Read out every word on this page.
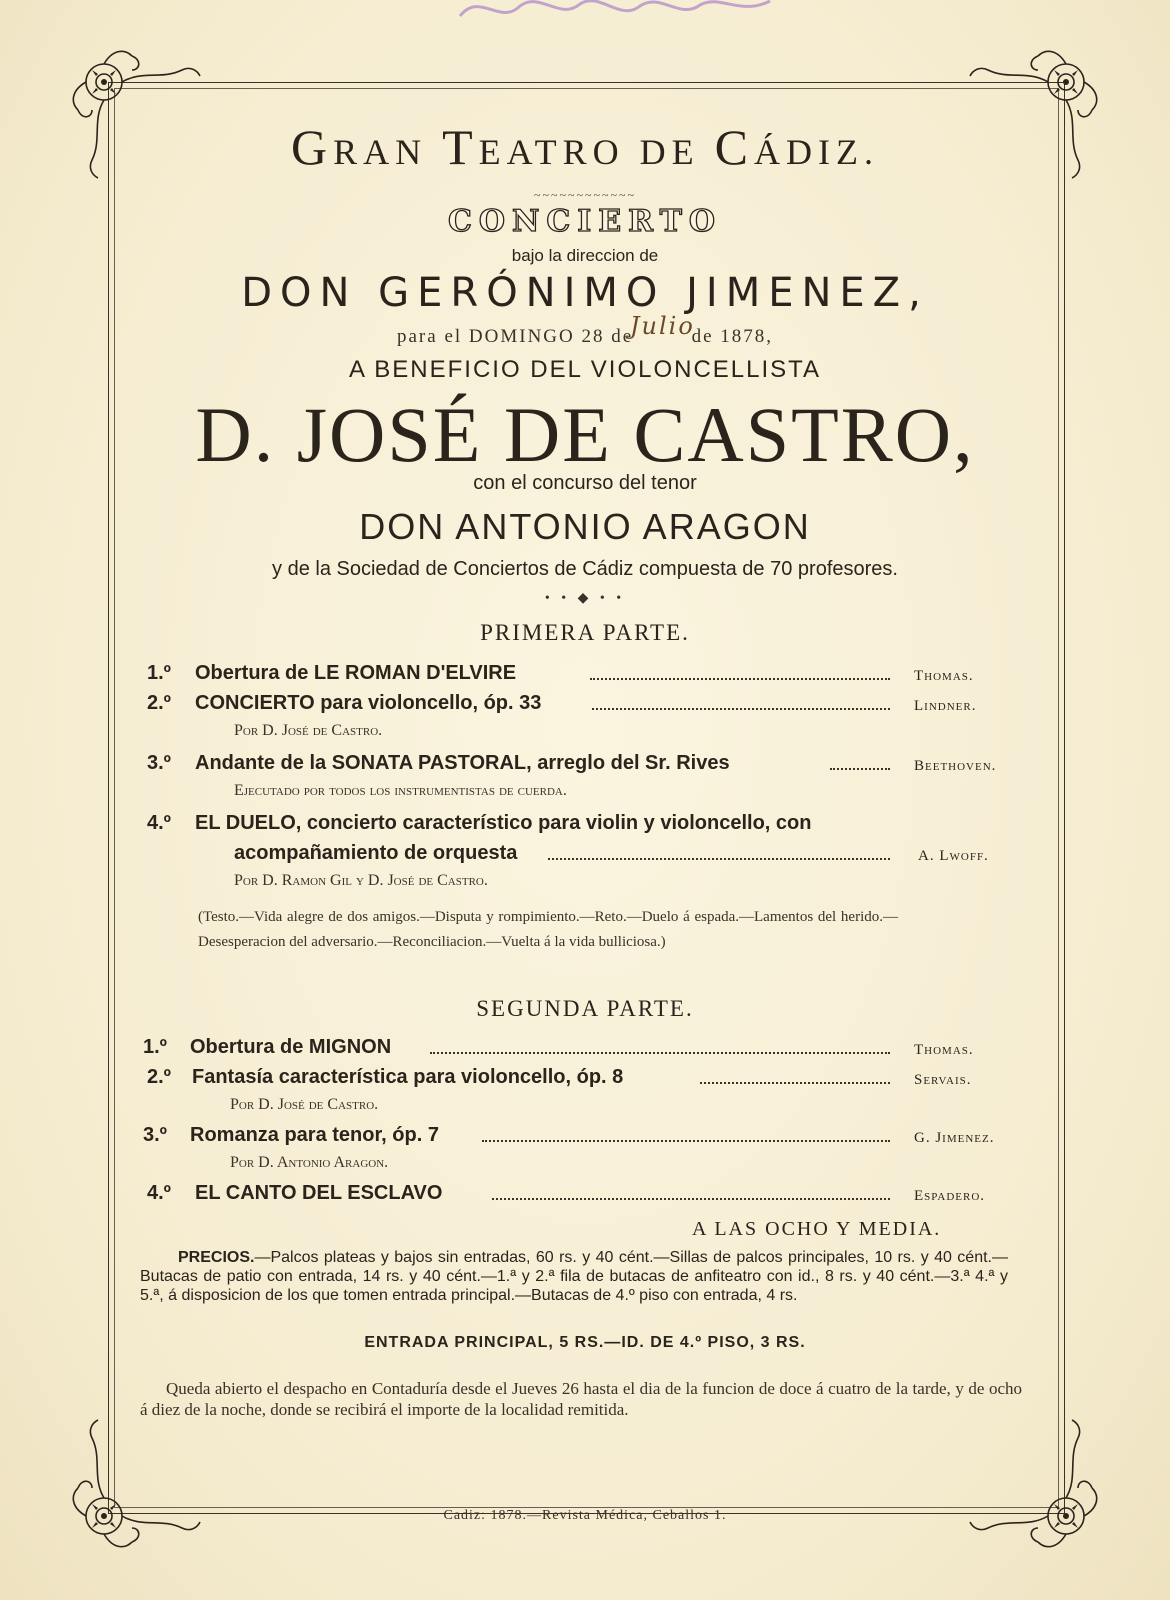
GRAN TEATRO DE CÁDIZ.
~~~~~~~~~~~~
CONCIERTO
bajo la direccion de
DON GERÓNIMO JIMENEZ,
para el DOMINGO 28 de Julio de 1878,
A BENEFICIO DEL VIOLONCELLISTA
D. JOSÉ DE CASTRO,
con el concurso del tenor
DON ANTONIO ARAGON
y de la Sociedad de Conciertos de Cádiz compuesta de 70 profesores.
• • ◆ • •
PRIMERA PARTE.
1.º Obertura de LE ROMAN D'ELVIRE	Thomas.
2.º CONCIERTO para violoncello, óp. 33	Lindner.
Por D. José de Castro.
3.º Andante de la SONATA PASTORAL, arreglo del Sr. Rives	Beethoven.
Ejecutado por todos los instrumentistas de cuerda.
4.º EL DUELO, concierto característico para violin y violoncello, con
acompañamiento de orquesta	A. Lwoff.
Por D. Ramon Gil y D. José de Castro.
(Testo.—Vida alegre de dos amigos.—Disputa y rompimiento.—Reto.—Duelo á espada.—Lamentos del herido.—Desesperacion del adversario.—Reconciliacion.—Vuelta á la vida bulliciosa.)
SEGUNDA PARTE.
1.º Obertura de MIGNON	Thomas.
2.º Fantasía característica para violoncello, óp. 8	Servais.
Por D. José de Castro.
3.º Romanza para tenor, óp. 7	G. Jimenez.
Por D. Antonio Aragon.
4.º EL CANTO DEL ESCLAVO	Espadero.
A LAS OCHO Y MEDIA.
PRECIOS.—Palcos plateas y bajos sin entradas, 60 rs. y 40 cént.—Sillas de palcos principales, 10 rs. y 40 cént.—Butacas de patio con entrada, 14 rs. y 40 cént.—1.ª y 2.ª fila de butacas de anfiteatro con id., 8 rs. y 40 cént.—3.ª 4.ª y 5.ª, á disposicion de los que tomen entrada principal.—Butacas de 4.º piso con entrada, 4 rs.
ENTRADA PRINCIPAL, 5 RS.—ID. DE 4.º PISO, 3 RS.
Queda abierto el despacho en Contaduría desde el Jueves 26 hasta el dia de la funcion de doce á cuatro de la tarde, y de ocho á diez de la noche, donde se recibirá el importe de la localidad remitida.
Cadiz: 1878.—Revista Médica, Ceballos 1.
